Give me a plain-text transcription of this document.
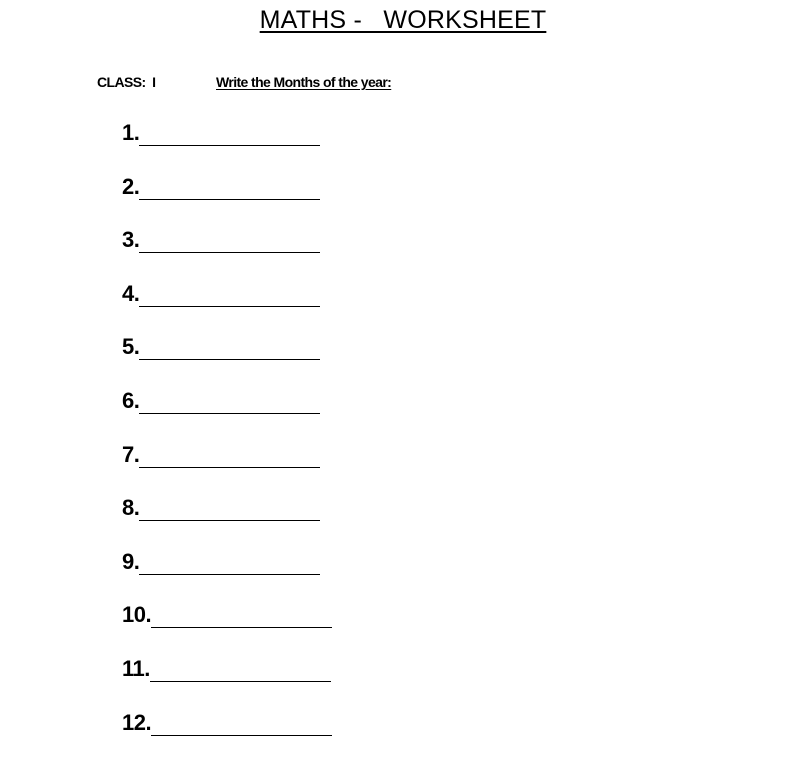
MATHS -   WORKSHEET
CLASS:  I	Write the Months of the year:
1.
2.
3.
4.
5.
6.
7.
8.
9.
10.
11.
12.
